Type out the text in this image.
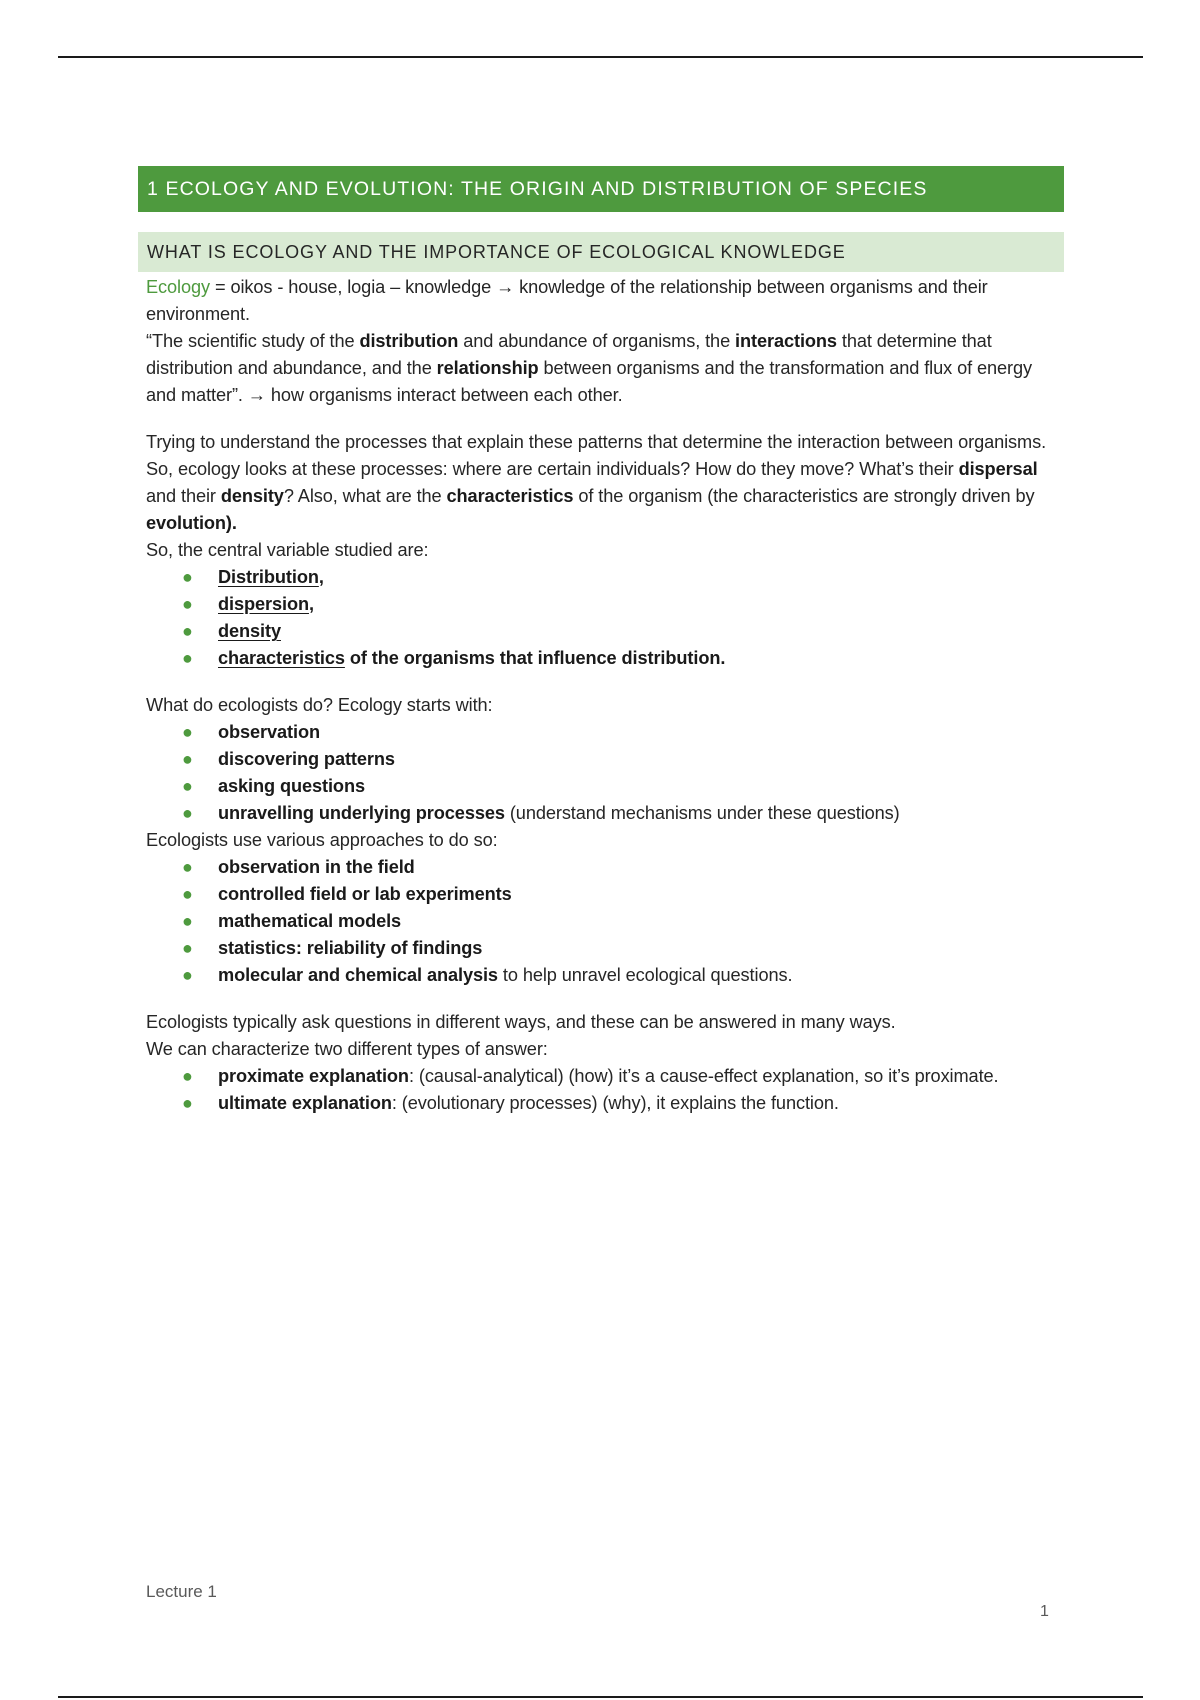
1 ECOLOGY AND EVOLUTION: THE ORIGIN AND DISTRIBUTION OF SPECIES
WHAT IS ECOLOGY AND THE IMPORTANCE OF ECOLOGICAL KNOWLEDGE

Ecology = oikos - house, logia – knowledge → knowledge of the relationship between organisms and their environment.

“The scientific study of the distribution and abundance of organisms, the interactions that determine that distribution and abundance, and the relationship between organisms and the transformation and flux of energy and matter”. → how organisms interact between each other.

Trying to understand the processes that explain these patterns that determine the interaction between organisms. So, ecology looks at these processes: where are certain individuals? How do they move? What’s their dispersal and their density? Also, what are the characteristics of the organism (the characteristics are strongly driven by evolution).

So, the central variable studied are:

● Distribution,
● dispersion,
● density
● characteristics of the organisms that influence distribution.

What do ecologists do? Ecology starts with:

● observation
● discovering patterns
● asking questions
● unravelling underlying processes (understand mechanisms under these questions)

Ecologists use various approaches to do so:

● observation in the field
● controlled field or lab experiments
● mathematical models
● statistics: reliability of findings
● molecular and chemical analysis to help unravel ecological questions.

Ecologists typically ask questions in different ways, and these can be answered in many ways.

We can characterize two different types of answer:

● proximate explanation: (causal-analytical) (how) it’s a cause-effect explanation, so it’s proximate.
● ultimate explanation: (evolutionary processes) (why), it explains the function.
Lecture 1
1
